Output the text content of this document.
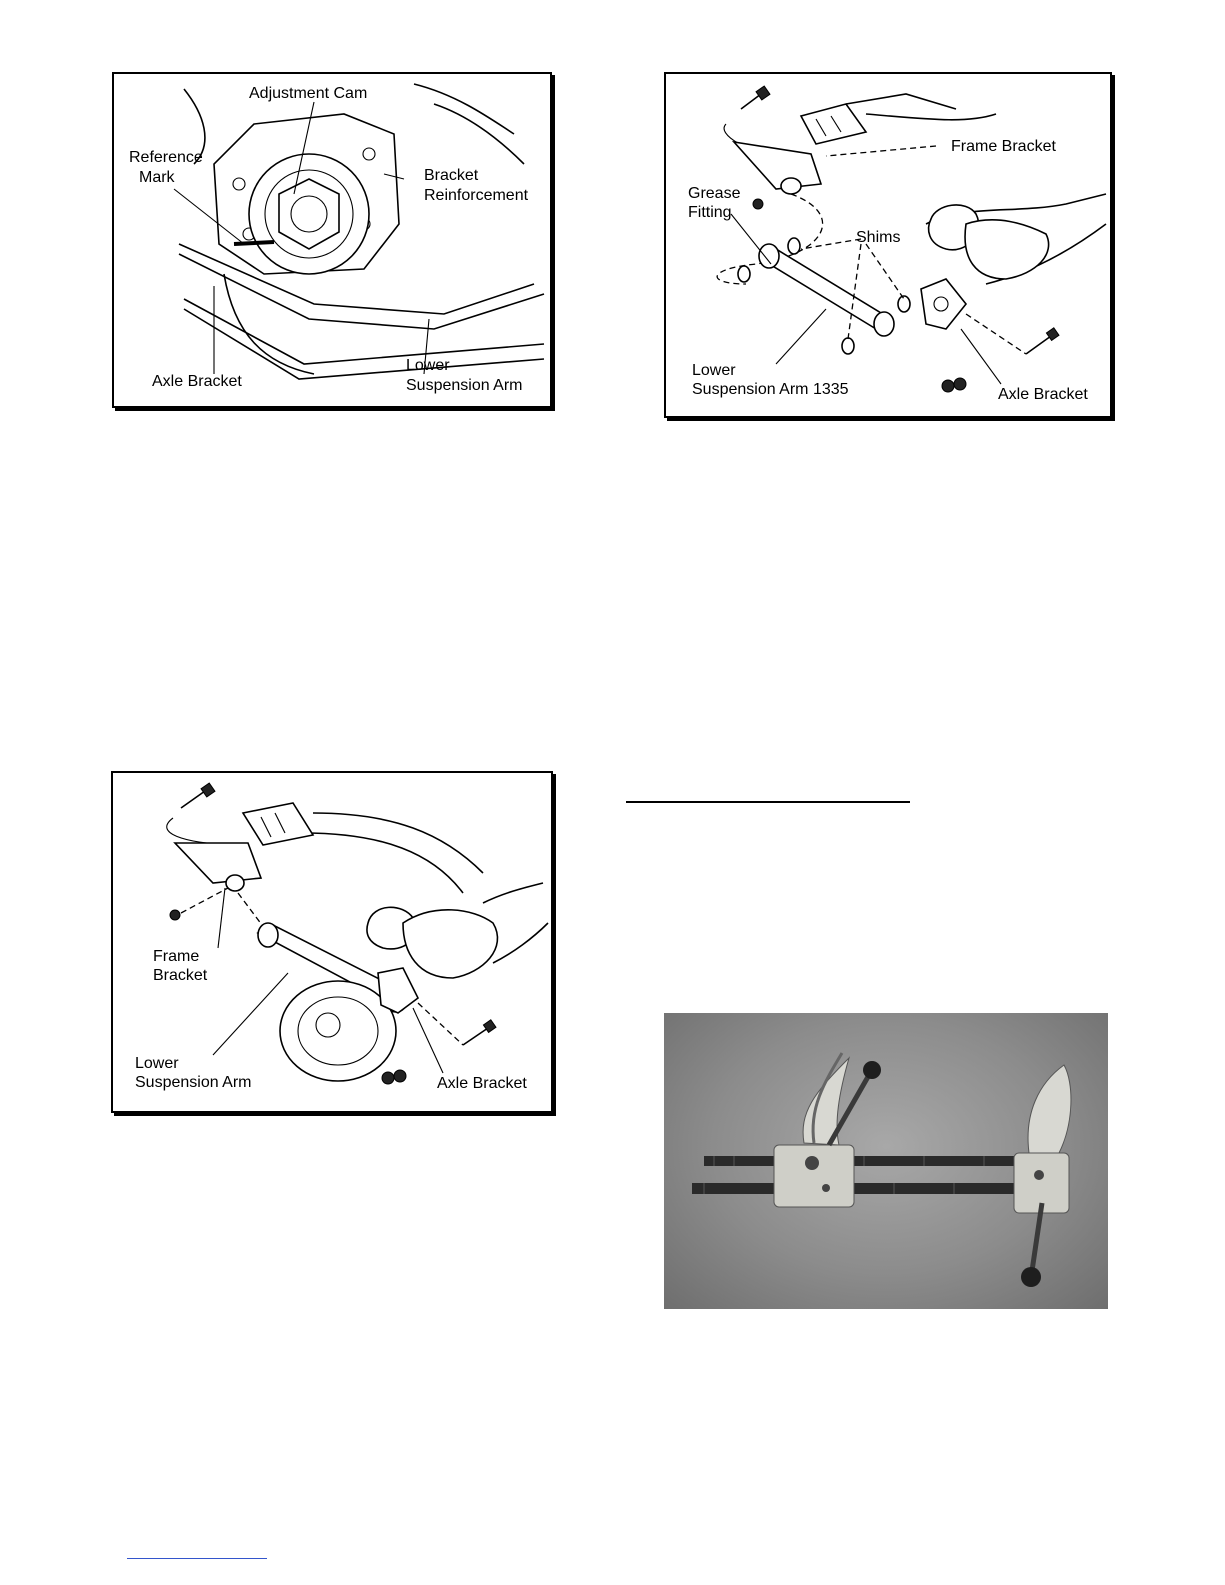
Adjustment Cam
Reference
Mark	Bracket
Reinforcement
Axle Bracket
Lower
Suspension Arm
Frame Bracket
Grease
Fitting
Shims
Lower
Suspension Arm 1335	Axle Bracket
Frame
Bracket
Lower
Suspension Arm	Axle Bracket
